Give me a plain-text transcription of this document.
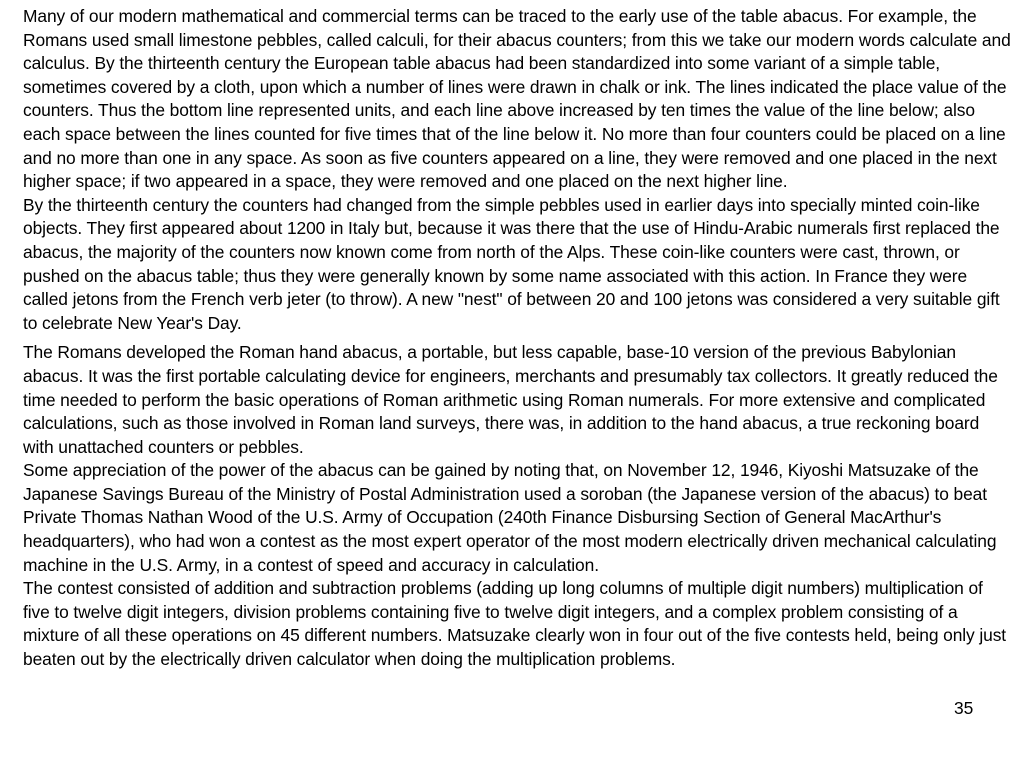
Many of our modern mathematical and commercial terms can be traced to the early use of the table abacus. For example, the Romans used small limestone pebbles, called calculi, for their abacus counters; from this we take our modern words calculate and calculus. By the thirteenth century the European table abacus had been standardized into some variant of a simple table, sometimes covered by a cloth, upon which a number of lines were drawn in chalk or ink. The lines indicated the place value of the counters. Thus the bottom line represented units, and each line above increased by ten times the value of the line below; also each space between the lines counted for five times that of the line below it. No more than four counters could be placed on a line and no more than one in any space. As soon as five counters appeared on a line, they were removed and one placed in the next higher space; if two appeared in a space, they were removed and one placed on the next higher line.

By the thirteenth century the counters had changed from the simple pebbles used in earlier days into specially minted coin-like objects. They first appeared about 1200 in Italy but, because it was there that the use of Hindu-Arabic numerals first replaced the abacus, the majority of the counters now known come from north of the Alps. These coin-like counters were cast, thrown, or pushed on the abacus table; thus they were generally known by some name associated with this action. In France they were called jetons from the French verb jeter (to throw). A new "nest" of between 20 and 100 jetons was considered a very suitable gift to celebrate New Year's Day.

The Romans developed the Roman hand abacus, a portable, but less capable, base-10 version of the previous Babylonian abacus. It was the first portable calculating device for engineers, merchants and presumably tax collectors. It greatly reduced the time needed to perform the basic operations of Roman arithmetic using Roman numerals. For more extensive and complicated calculations, such as those involved in Roman land surveys, there was, in addition to the hand abacus, a true reckoning board with unattached counters or pebbles.

Some appreciation of the power of the abacus can be gained by noting that, on November 12, 1946, Kiyoshi Matsuzake of the Japanese Savings Bureau of the Ministry of Postal Administration used a soroban (the Japanese version of the abacus) to beat Private Thomas Nathan Wood of the U.S. Army of Occupation (240th Finance Disbursing Section of General MacArthur's headquarters), who had won a contest as the most expert operator of the most modern electrically driven mechanical calculating machine in the U.S. Army, in a contest of speed and accuracy in calculation.

The contest consisted of addition and subtraction problems (adding up long columns of multiple digit numbers) multiplication of five to twelve digit integers, division problems containing five to twelve digit integers, and a complex problem consisting of a mixture of all these operations on 45 different numbers. Matsuzake clearly won in four out of the five contests held, being only just beaten out by the electrically driven calculator when doing the multiplication problems.

35
